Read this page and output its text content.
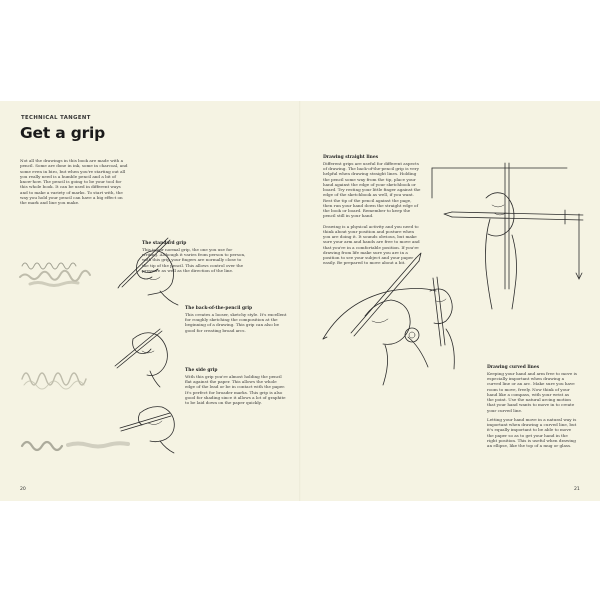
TECHNICAL TANGENT
Get a grip
Not all the drawings in this book are made with a pencil. Some are done in ink, some in charcoal, and some even in biro, but when you're starting out all you really need is a humble pencil and a bit of know-how. The pencil is going to be your tool for this whole book. It can be used in different ways and to make a variety of marks. To start with, the way you hold your pencil can have a big effect on the mark and line you make.
The standard grip
This is our normal grip, the one you use for writing. Although it varies from person to person, with this grip your fingers are normally close to the tip of the pencil. This allows control over the pressure as well as the direction of the line.
The back-of-the-pencil grip
This creates a looser, sketchy style. It's excellent for roughly sketching the composition at the beginning of a drawing. This grip can also be good for creating broad arcs.
The side grip
With this grip you're almost holding the pencil flat against the paper. This allows the whole edge of the lead or be in contact with the paper. It's perfect for broader marks. This grip is also good for shading since it allows a lot of graphite to be laid down on the paper quickly.
20
Drawing straight lines
Different grips are useful for different aspects of drawing. The back-of-the-pencil grip is very helpful when drawing straight lines. Holding the pencil some way from the tip, place your hand against the edge of your sketchbook or board. Try resting your little finger against the edge of the sketchbook as well, if you want. Rest the tip of the pencil against the page, then run your hand down the straight edge of the book or board. Remember to keep the pencil still in your hand.
Drawing is a physical activity and you need to think about your position and posture when you are doing it. It sounds obvious, but make sure your arm and hands are free to move and that you're in a comfortable position. If you're drawing from life make sure you are in a position to see your subject and your paper easily. Be prepared to move about a bit.
Drawing curved lines
Keeping your hand and arm free to move is especially important when drawing a curved line or an arc. Make sure you have room to move, freely. Now think of your hand like a compass, with your wrist as the point. Use the natural arcing motion that your hand wants to move in to create your curved line.
Letting your hand move in a natural way is important when drawing a curved line, but it's equally important to be able to move the paper so as to get your hand in the right position. This is useful when drawing an ellipse, like the top of a mug or glass.
21
